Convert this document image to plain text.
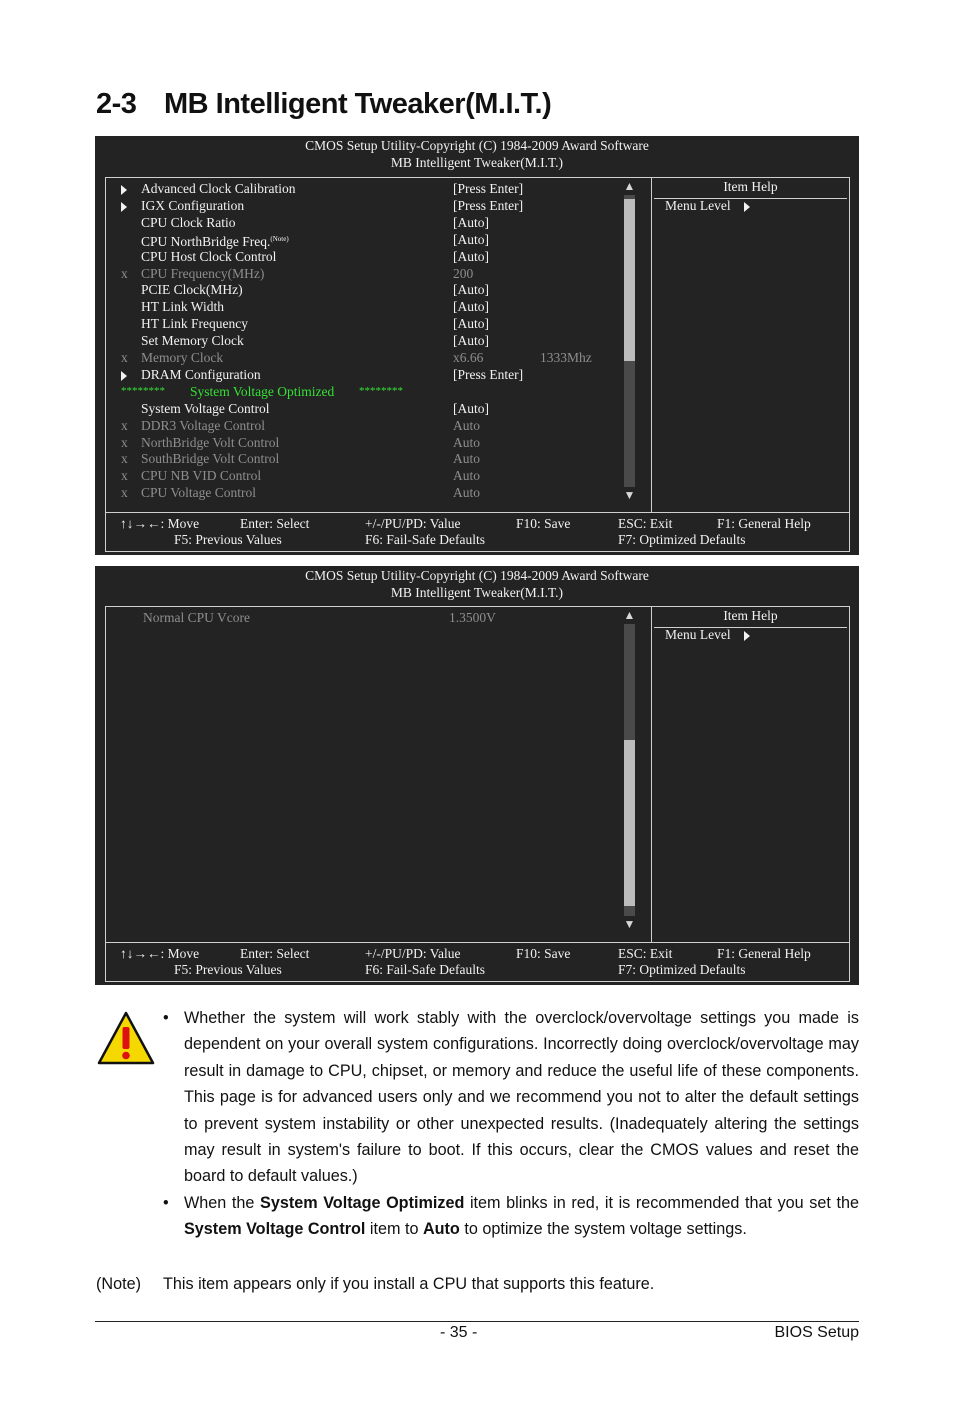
2-3 MB Intelligent Tweaker(M.I.T.)
CMOS Setup Utility-Copyright (C) 1984-2009 Award Software
MB Intelligent Tweaker(M.I.T.)
▲
▼
Advanced Clock Calibration	[Press Enter]
IGX Configuration	[Press Enter]
CPU Clock Ratio	[Auto]
CPU NorthBridge Freq.$^{(Note)}$	[Auto]
CPU Host Clock Control	[Auto]
x CPU Frequency(MHz)	200
PCIE Clock(MHz)	[Auto]
HT Link Width	[Auto]
HT Link Frequency	[Auto]
Set Memory Clock	[Auto]
x Memory Clock	x6.66	1333Mhz
DRAM Configuration	[Press Enter]
********	********
System Voltage Optimized
System Voltage Control	[Auto]
x DDR3 Voltage Control	Auto
x NorthBridge Volt Control	Auto
x SouthBridge Volt Control	Auto
x CPU NB VID Control	Auto
x CPU Voltage Control	Auto
Item Help
Menu Level
↑↓→←: Move	Enter: Select	+/-/PU/PD: Value	F10: Save	ESC: Exit	F1: General Help
F5: Previous Values	F6: Fail-Safe Defaults	F7: Optimized Defaults
CMOS Setup Utility-Copyright (C) 1984-2009 Award Software
MB Intelligent Tweaker(M.I.T.)
▲
▼
Normal CPU Vcore	1.3500V	Item Help
Menu Level
↑↓→←: Move	Enter: Select	+/-/PU/PD: Value	F10: Save	ESC: Exit	F1: General Help
F5: Previous Values	F6: Fail-Safe Defaults	F7: Optimized Defaults
• Whether the system will work stably with the overclock/overvoltage settings you made is dependent on your overall system configurations. Incorrectly doing overclock/overvoltage may result in damage to CPU, chipset, or memory and reduce the useful life of these components. This page is for advanced users only and we recommend you not to alter the default settings to prevent system instability or other unexpected results. (Inadequately altering the settings may result in system's failure to boot. If this occurs, clear the CMOS values and reset the board to default values.)
• When the System Voltage Optimized item blinks in red, it is recommended that you set the System Voltage Control item to Auto to optimize the system voltage settings.
(Note) This item appears only if you install a CPU that supports this feature.
- 35 -	BIOS Setup
